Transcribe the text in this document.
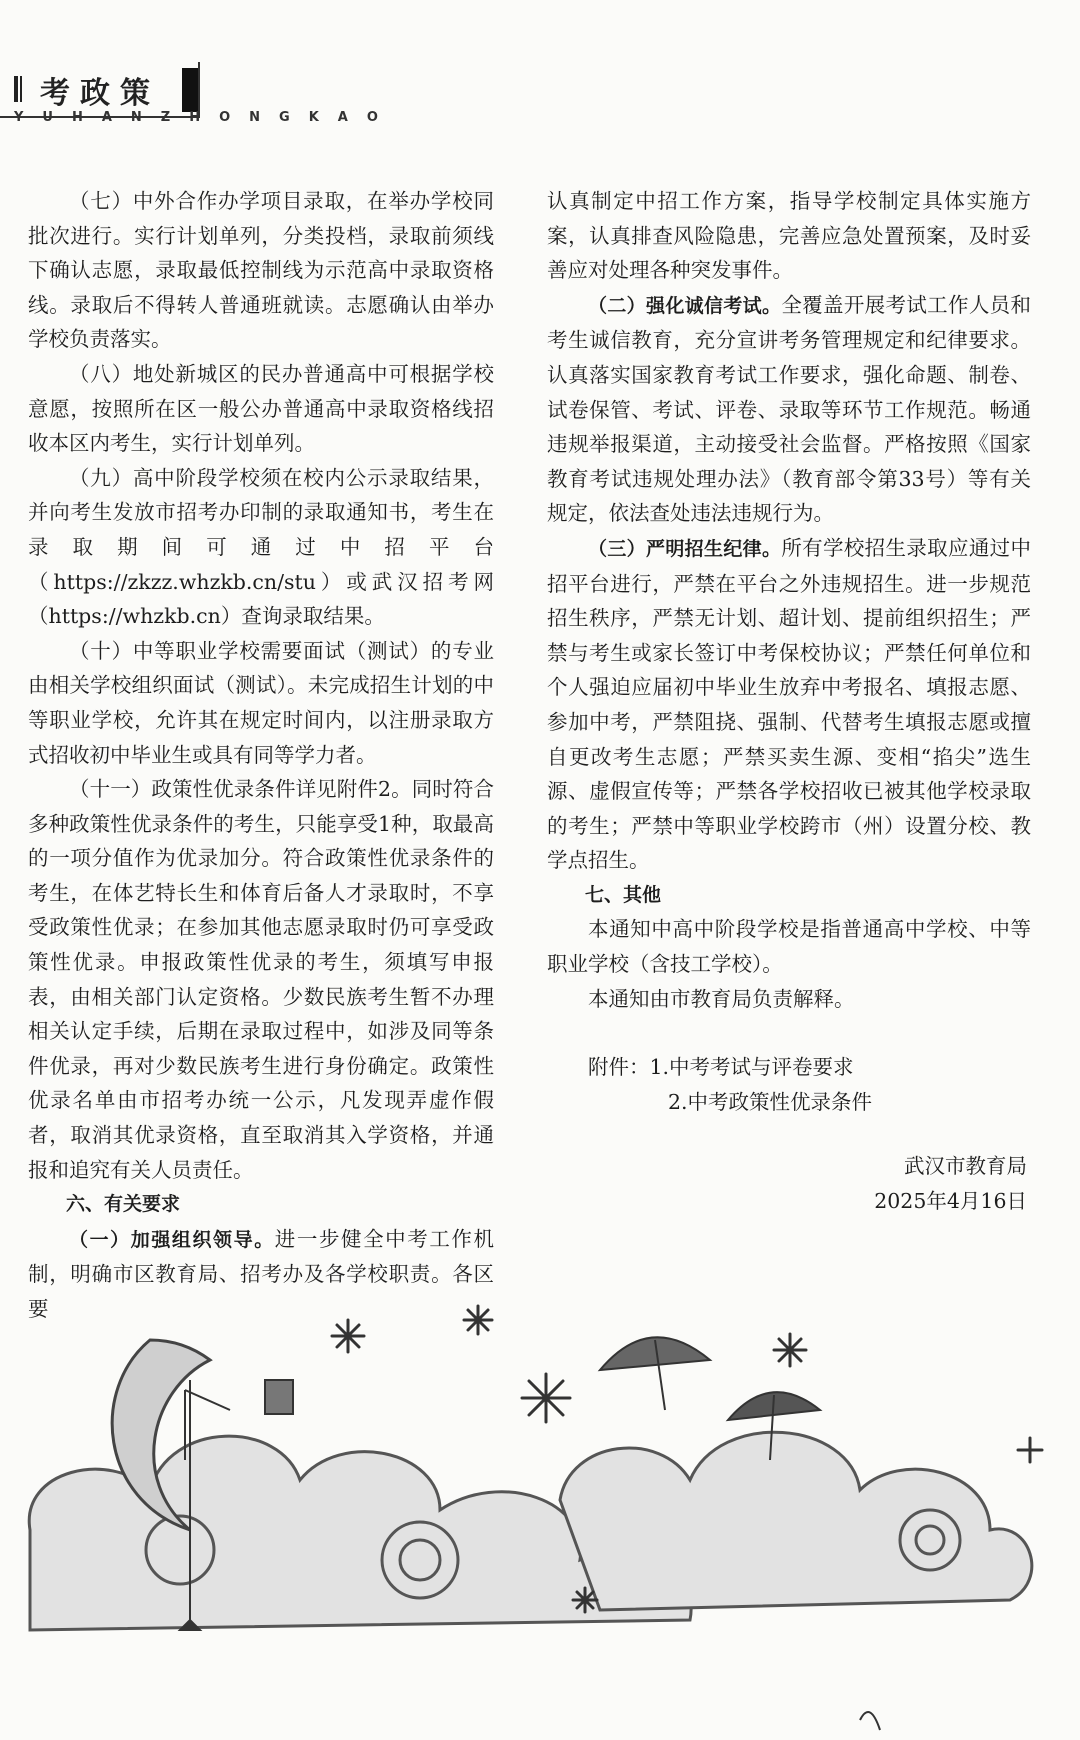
考政策
YUHANZHONGKAO

（七）中外合作办学项目录取，在举办学校同批次进行。实行计划单列，分类投档，录取前须线下确认志愿，录取最低控制线为示范高中录取资格线。录取后不得转人普通班就读。志愿确认由举办学校负责落实。

（八）地处新城区的民办普通高中可根据学校意愿，按照所在区一般公办普通高中录取资格线招收本区内考生，实行计划单列。

（九）高中阶段学校须在校内公示录取结果，并向考生发放市招考办印制的录取通知书，考生在录取期间可通过中招平台（https://zkzz.whzkb.cn/stu）或武汉招考网（https://whzkb.cn）查询录取结果。

（十）中等职业学校需要面试（测试）的专业由相关学校组织面试（测试）。未完成招生计划的中等职业学校，允许其在规定时间内，以注册录取方式招收初中毕业生或具有同等学力者。

（十一）政策性优录条件详见附件2。同时符合多种政策性优录条件的考生，只能享受1种，取最高的一项分值作为优录加分。符合政策性优录条件的考生，在体艺特长生和体育后备人才录取时，不享受政策性优录；在参加其他志愿录取时仍可享受政策性优录。申报政策性优录的考生，须填写申报表，由相关部门认定资格。少数民族考生暂不办理相关认定手续，后期在录取过程中，如涉及同等条件优录，再对少数民族考生进行身份确定。政策性优录名单由市招考办统一公示，凡发现弄虚作假者，取消其优录资格，直至取消其入学资格，并通报和追究有关人员责任。

六、有关要求

（一）加强组织领导。进一步健全中考工作机制，明确市区教育局、招考办及各学校职责。各区要

认真制定中招工作方案，指导学校制定具体实施方案，认真排查风险隐患，完善应急处置预案，及时妥善应对处理各种突发事件。

（二）强化诚信考试。全覆盖开展考试工作人员和考生诚信教育，充分宣讲考务管理规定和纪律要求。认真落实国家教育考试工作要求，强化命题、制卷、试卷保管、考试、评卷、录取等环节工作规范。畅通违规举报渠道，主动接受社会监督。严格按照《国家教育考试违规处理办法》（教育部令第33号）等有关规定，依法查处违法违规行为。

（三）严明招生纪律。所有学校招生录取应通过中招平台进行，严禁在平台之外违规招生。进一步规范招生秩序，严禁无计划、超计划、提前组织招生；严禁与考生或家长签订中考保校协议；严禁任何单位和个人强迫应届初中毕业生放弃中考报名、填报志愿、参加中考，严禁阻挠、强制、代替考生填报志愿或擅自更改考生志愿；严禁买卖生源、变相“掐尖”选生源、虚假宣传等；严禁各学校招收已被其他学校录取的考生；严禁中等职业学校跨市（州）设置分校、教学点招生。

七、其他

本通知中高中阶段学校是指普通高中学校、中等职业学校（含技工学校）。

本通知由市教育局负责解释。

附件：1.中考考试与评卷要求

2.中考政策性优录条件

武汉市教育局

2025年4月16日
